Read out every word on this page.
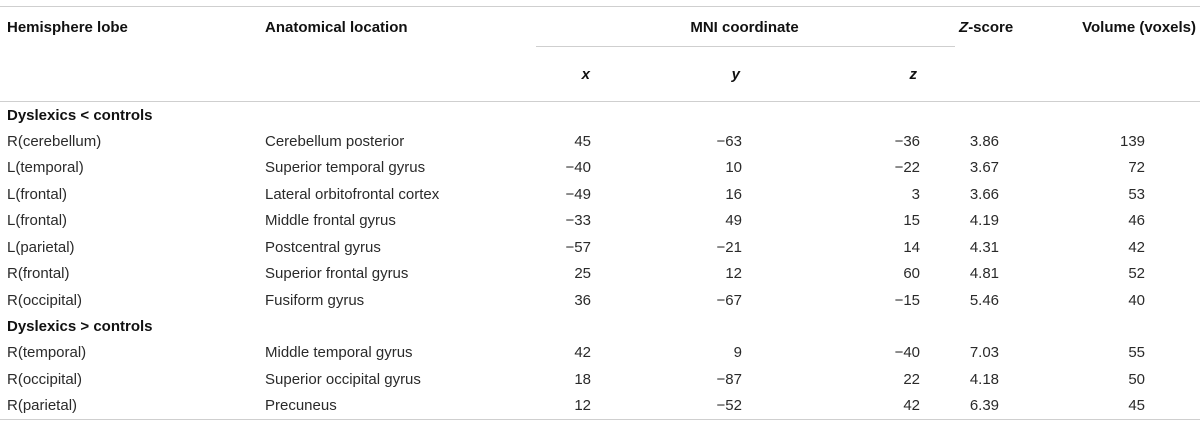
Hemisphere lobe	Anatomical location	MNI coordinate			Z-score	Volume (voxels)
		x	y	z		
Dyslexics < controls						
R(cerebellum)	Cerebellum posterior	45	−63	−36	3.86	139
L(temporal)	Superior temporal gyrus	−40	10	−22	3.67	72
L(frontal)	Lateral orbitofrontal cortex	−49	16	3	3.66	53
L(frontal)	Middle frontal gyrus	−33	49	15	4.19	46
L(parietal)	Postcentral gyrus	−57	−21	14	4.31	42
R(frontal)	Superior frontal gyrus	25	12	60	4.81	52
R(occipital)	Fusiform gyrus	36	−67	−15	5.46	40
Dyslexics > controls						
R(temporal)	Middle temporal gyrus	42	9	−40	7.03	55
R(occipital)	Superior occipital gyrus	18	−87	22	4.18	50
R(parietal)	Precuneus	12	−52	42	6.39	45
